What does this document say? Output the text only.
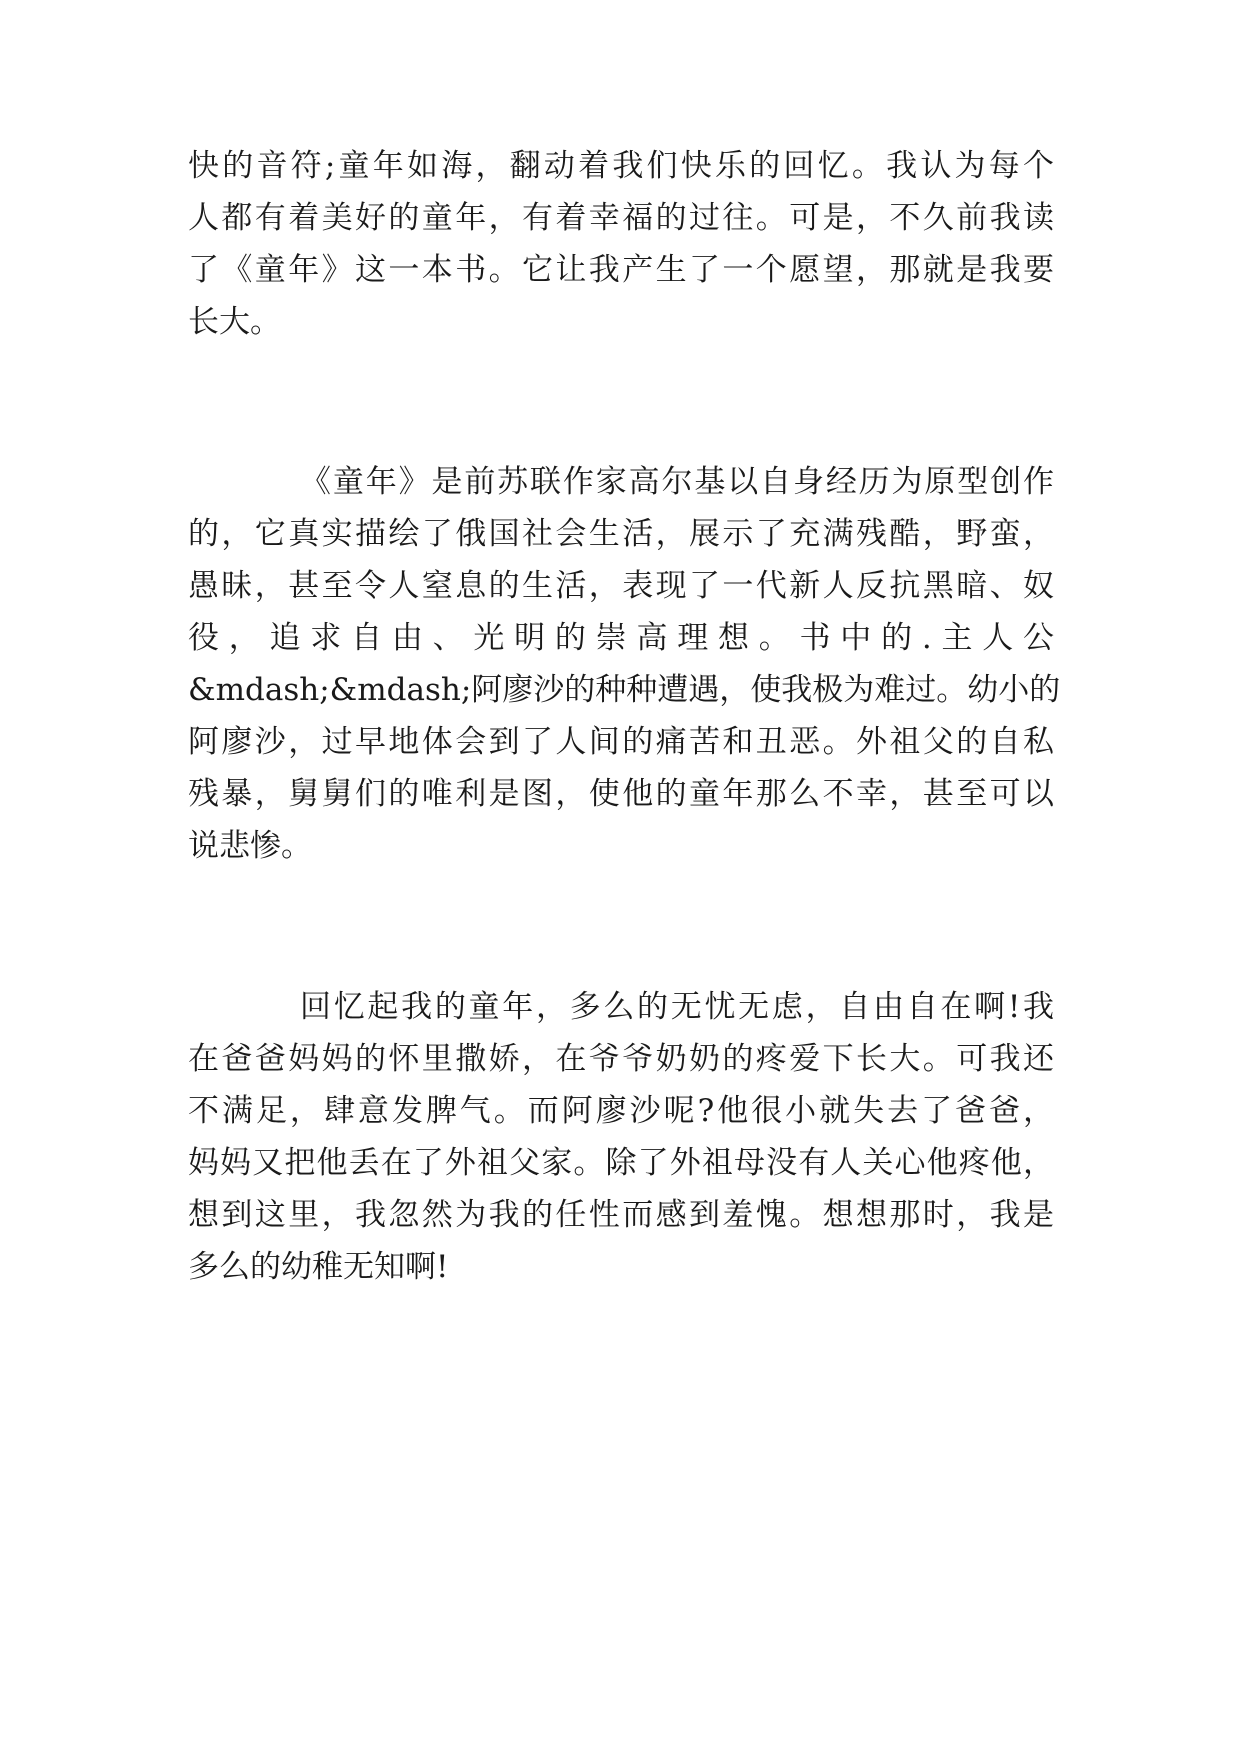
快的音符;童年如海，翻动着我们快乐的回忆。我认为每个
人都有着美好的童年，有着幸福的过往。可是，不久前我读
了《童年》这一本书。它让我产生了一个愿望，那就是我要
长大。
《童年》是前苏联作家高尔基以自身经历为原型创作
的，它真实描绘了俄国社会生活，展示了充满残酷，野蛮，
愚昧，甚至令人窒息的生活，表现了一代新人反抗黑暗、奴
役，追求自由、光明的崇高理想。书中的.主人公
&mdash;&mdash;阿廖沙的种种遭遇，使我极为难过。幼小的
阿廖沙，过早地体会到了人间的痛苦和丑恶。外祖父的自私
残暴，舅舅们的唯利是图，使他的童年那么不幸，甚至可以
说悲惨。
回忆起我的童年，多么的无忧无虑，自由自在啊!我
在爸爸妈妈的怀里撒娇，在爷爷奶奶的疼爱下长大。可我还
不满足，肆意发脾气。而阿廖沙呢?他很小就失去了爸爸，
妈妈又把他丢在了外祖父家。除了外祖母没有人关心他疼他，
想到这里，我忽然为我的任性而感到羞愧。想想那时，我是
多么的幼稚无知啊!
